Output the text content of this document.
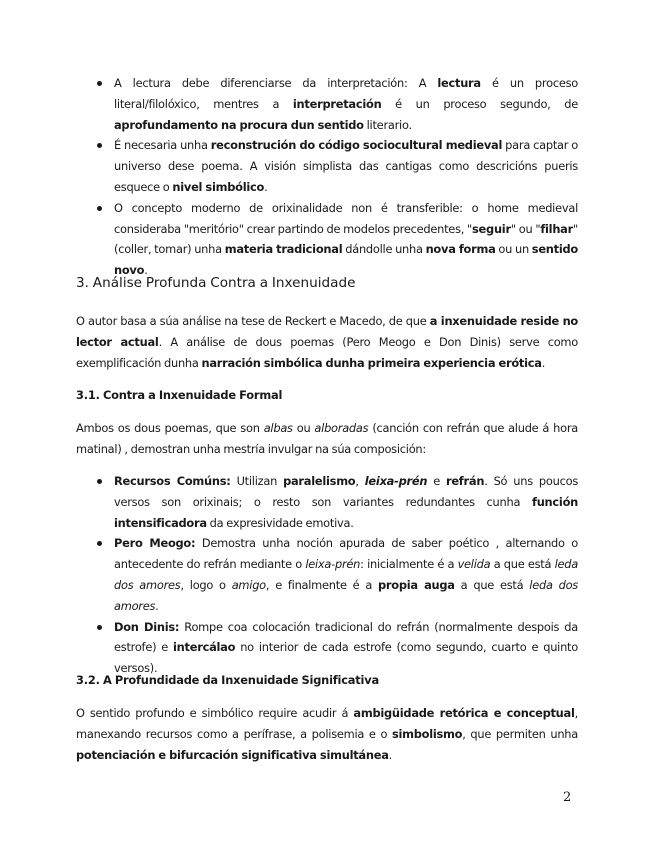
A lectura debe diferenciarse da interpretación: A lectura é un proceso literal/filolóxico, mentres a interpretación é un proceso segundo, de aprofundamento na procura dun sentido literario.
É necesaria unha reconstrución do código sociocultural medieval para captar o universo dese poema. A visión simplista das cantigas como descricións pueris esquece o nivel simbólico.
O concepto moderno de orixinalidade non é transferible: o home medieval consideraba "meritório" crear partindo de modelos precedentes, "seguir" ou "filhar" (coller, tomar) unha materia tradicional dándolle unha nova forma ou un sentido novo.
3. Análise Profunda Contra a Inxenuidade

O autor basa a súa análise na tese de Reckert e Macedo, de que a inxenuidade reside no lector actual. A análise de dous poemas (Pero Meogo e Don Dinis) serve como exemplificación dunha narración simbólica dunha primeira experiencia erótica.

3.1. Contra a Inxenuidade Formal

Ambos os dous poemas, que son albas ou alboradas (canción con refrán que alude á hora matinal) , demostran unha mestría invulgar na súa composición:

Recursos Comúns: Utilizan paralelismo, leixa-prén e refrán. Só uns poucos versos son orixinais; o resto son variantes redundantes cunha función intensificadora da expresividade emotiva.
Pero Meogo: Demostra unha noción apurada de saber poético , alternando o antecedente do refrán mediante o leixa-prén: inicialmente é a velida a que está leda dos amores, logo o amigo, e finalmente é a propia auga a que está leda dos amores.
Don Dinis: Rompe coa colocación tradicional do refrán (normalmente despois da estrofe) e intercálao no interior de cada estrofe (como segundo, cuarto e quinto versos).
3.2. A Profundidade da Inxenuidade Significativa

O sentido profundo e simbólico require acudir á ambigüidade retórica e conceptual, manexando recursos como a perífrase, a polisemia e o simbolismo, que permiten unha potenciación e bifurcación significativa simultánea.

2
